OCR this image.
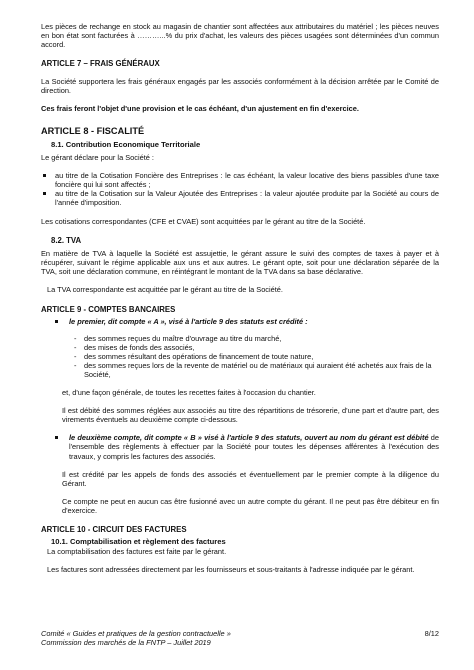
Les pièces de rechange en stock au magasin de chantier sont affectées aux attributaires du matériel ; les pièces neuves en bon état sont facturées à ………...% du prix d'achat, les valeurs des pièces usagées sont déterminées d'un commun accord.

ARTICLE 7 – FRAIS GÉNÉRAUX

La Société supportera les frais généraux engagés par les associés conformément à la décision arrêtée par le Comité de direction.

Ces frais feront l'objet d'une provision et le cas échéant, d'un ajustement en fin d'exercice.

ARTICLE 8 - FISCALITÉ

8.1. Contribution Economique Territoriale

Le gérant déclare pour la Société :

au titre de la Cotisation Foncière des Entreprises : le cas échéant, la valeur locative des biens passibles d'une taxe foncière qui lui sont affectés ;
au titre de la Cotisation sur la Valeur Ajoutée des Entreprises : la valeur ajoutée produite par la Société au cours de l'année d'imposition.

Les cotisations correspondantes (CFE et CVAE) sont acquittées par le gérant au titre de la Société.

8.2. TVA

En matière de TVA à laquelle la Société est assujettie, le gérant assure le suivi des comptes de taxes à payer et à récupérer, suivant le régime applicable aux uns et aux autres. Le gérant opte, soit pour une déclaration séparée de la TVA, soit une déclaration commune, en réintégrant le montant de la TVA dans sa base déclarative.

La TVA correspondante est acquittée par le gérant au titre de la Société.

ARTICLE 9 - COMPTES BANCAIRES

le premier, dit compte « A », visé à l'article 9 des statuts est crédité :

- des sommes reçues du maître d'ouvrage au titre du marché,
- des mises de fonds des associés,
- des sommes résultant des opérations de financement de toute nature,
- des sommes reçues lors de la revente de matériel ou de matériaux qui auraient été achetés aux frais de la Société,

et, d'une façon générale, de toutes les recettes faites à l'occasion du chantier.

Il est débité des sommes réglées aux associés au titre des répartitions de trésorerie, d'une part et d'autre part, des virements éventuels au deuxième compte ci-dessous.

le deuxième compte, dit compte « B » visé à l'article 9 des statuts, ouvert au nom du gérant est débité de l'ensemble des règlements à effectuer par la Société pour toutes les dépenses afférentes à l'exécution des travaux, y compris les factures des associés.

Il est crédité par les appels de fonds des associés et éventuellement par le premier compte à la diligence du Gérant.

Ce compte ne peut en aucun cas être fusionné avec un autre compte du gérant. Il ne peut pas être débiteur en fin d'exercice.

ARTICLE 10 - CIRCUIT DES FACTURES

10.1. Comptabilisation et règlement des factures

La comptabilisation des factures est faite par le gérant.

Les factures sont adressées directement par les fournisseurs et sous-traitants à l'adresse indiquée par le gérant.

8/12

Comité « Guides et pratiques de la gestion contractuelle »

Commission des marchés de la FNTP – Juillet 2019
